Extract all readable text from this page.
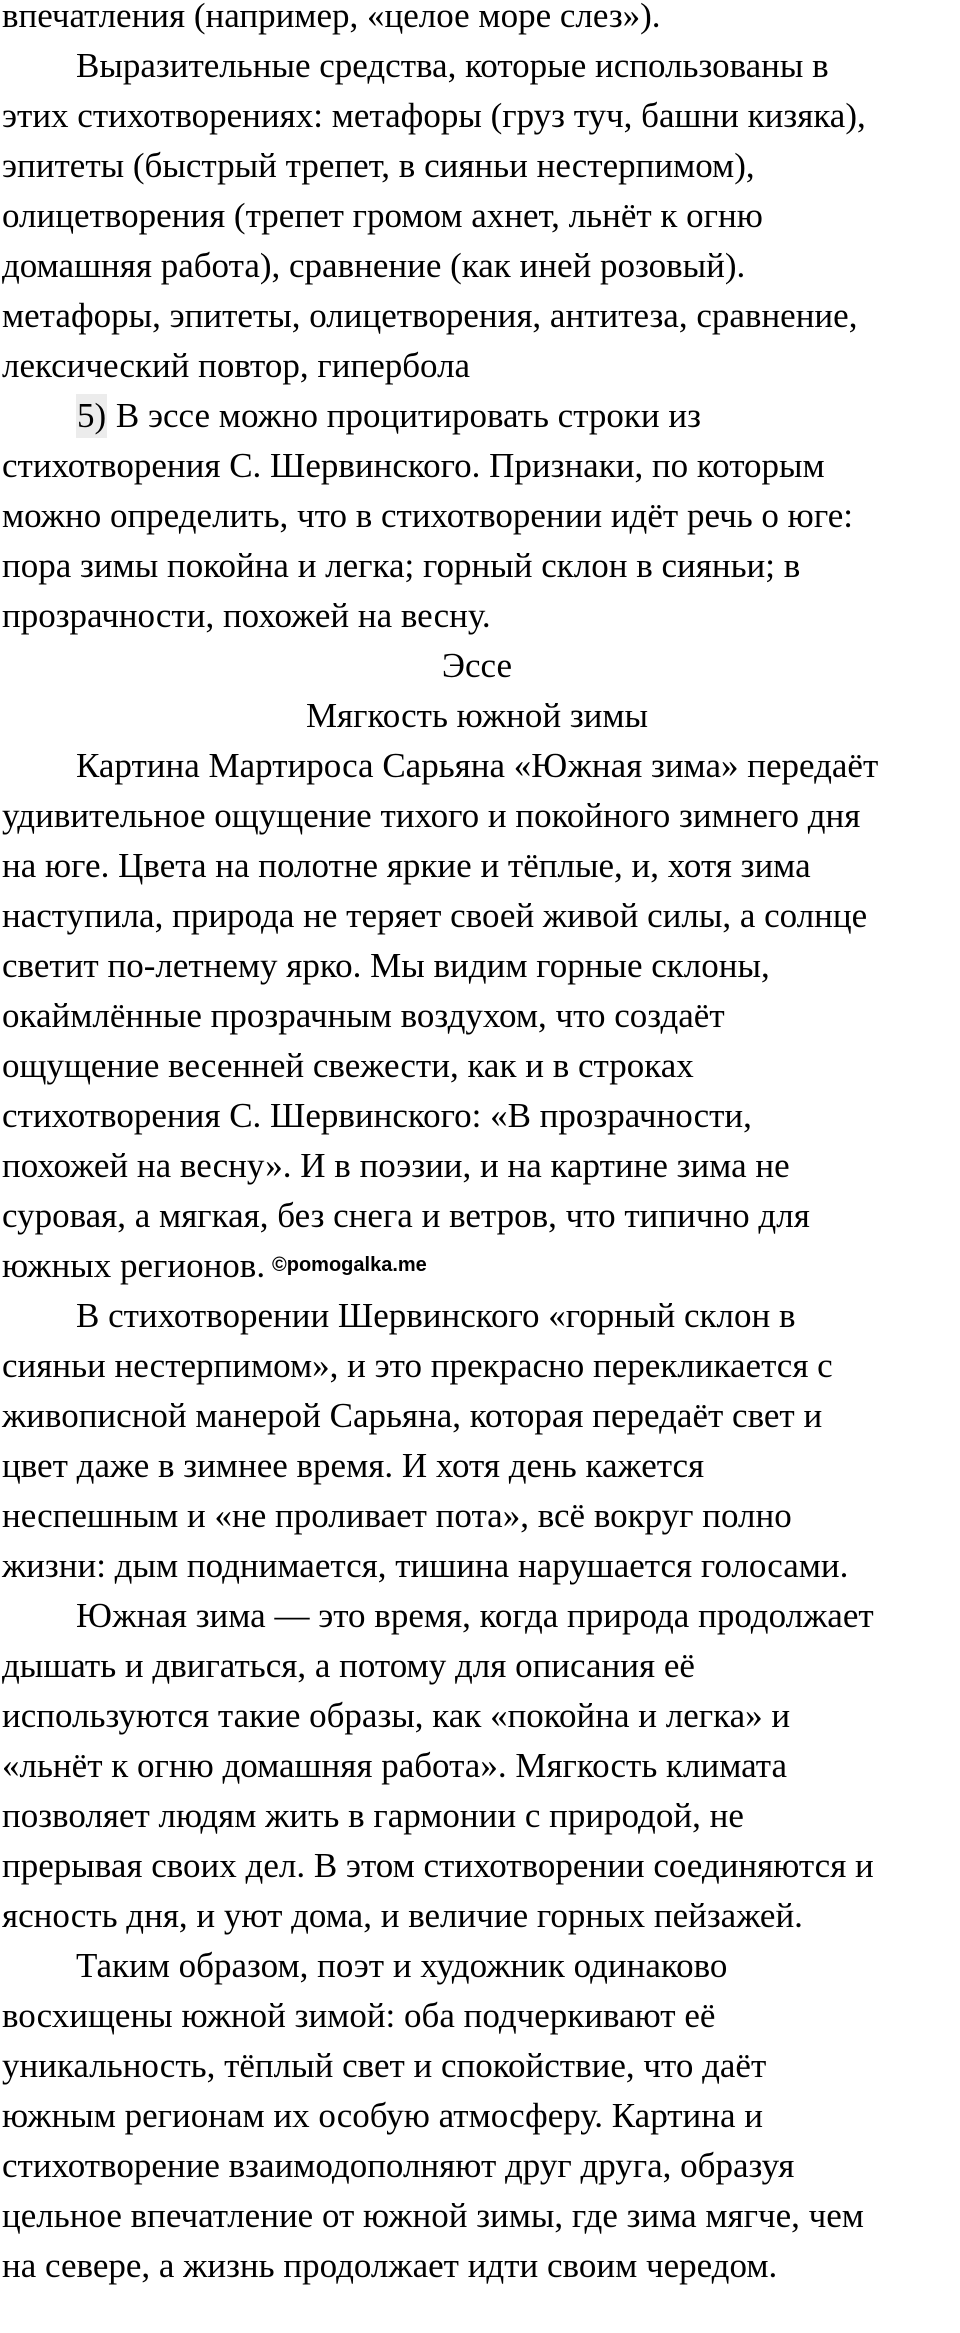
впечатления (например, «целое море слез»).
Выразительные средства, которые использованы в
этих стихотворениях: метафоры (груз туч, башни кизяка),
эпитеты (быстрый трепет, в сияньи нестерпимом),
олицетворения (трепет громом ахнет, льнёт к огню
домашняя работа), сравнение (как иней розовый).
метафоры, эпитеты, олицетворения, антитеза, сравнение,
лексический повтор, гипербола
5) В эссе можно процитировать строки из
стихотворения С. Шервинского. Признаки, по которым
можно определить, что в стихотворении идёт речь о юге:
пора зимы покойна и легка; горный склон в сияньи; в
прозрачности, похожей на весну.
Эссе
Мягкость южной зимы
Картина Мартироса Сарьяна «Южная зима» передаёт
удивительное ощущение тихого и покойного зимнего дня
на юге. Цвета на полотне яркие и тёплые, и, хотя зима
наступила, природа не теряет своей живой силы, а солнце
светит по-летнему ярко. Мы видим горные склоны,
окаймлённые прозрачным воздухом, что создаёт
ощущение весенней свежести, как и в строках
стихотворения С. Шервинского: «В прозрачности,
похожей на весну». И в поэзии, и на картине зима не
суровая, а мягкая, без снега и ветров, что типично для
южных регионов.
В стихотворении Шервинского «горный склон в
сияньи нестерпимом», и это прекрасно перекликается с
живописной манерой Сарьяна, которая передаёт свет и
цвет даже в зимнее время. И хотя день кажется
неспешным и «не проливает пота», всё вокруг полно
жизни: дым поднимается, тишина нарушается голосами.
Южная зима — это время, когда природа продолжает
дышать и двигаться, а потому для описания её
используются такие образы, как «покойна и легка» и
«льнёт к огню домашняя работа». Мягкость климата
позволяет людям жить в гармонии с природой, не
прерывая своих дел. В этом стихотворении соединяются и
ясность дня, и уют дома, и величие горных пейзажей.
Таким образом, поэт и художник одинаково
восхищены южной зимой: оба подчеркивают её
уникальность, тёплый свет и спокойствие, что даёт
южным регионам их особую атмосферу. Картина и
стихотворение взаимодополняют друг друга, образуя
цельное впечатление от южной зимы, где зима мягче, чем
на севере, а жизнь продолжает идти своим чередом.
©pomogalka.me
